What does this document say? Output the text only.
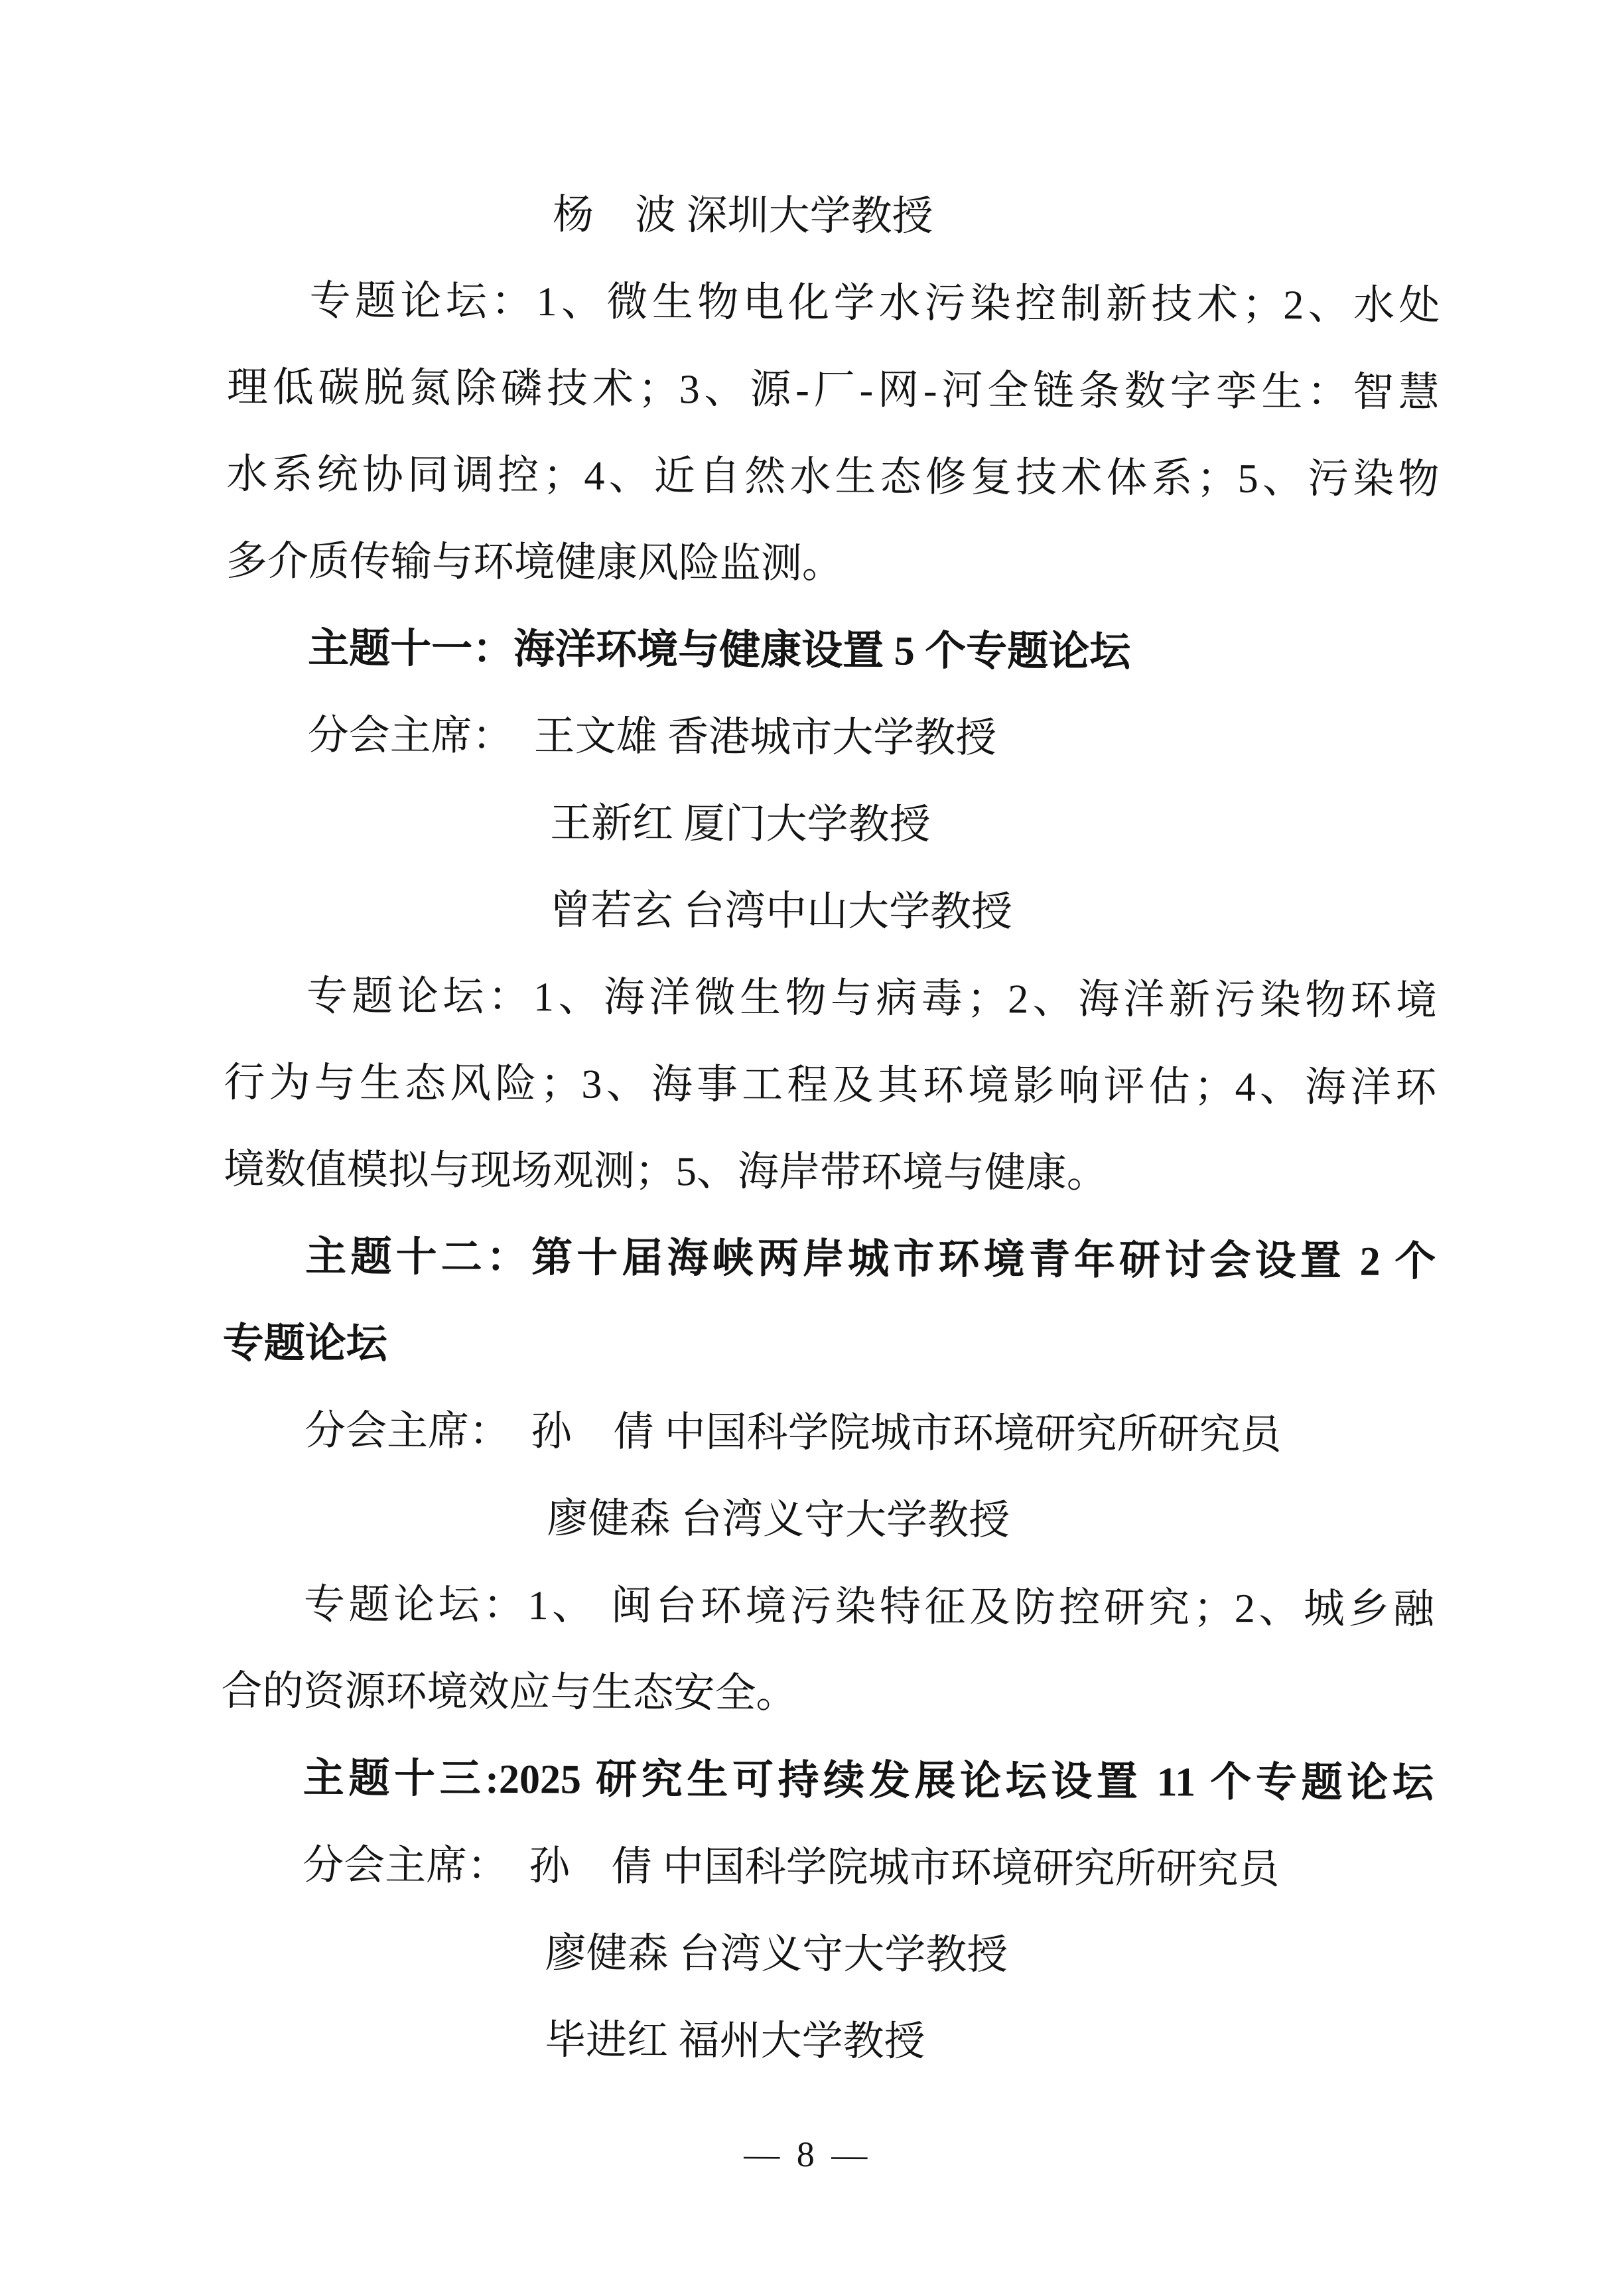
杨　波 深圳大学教授
专题论坛：1、微生物电化学水污染控制新技术；2、水处
理低碳脱氮除磷技术；3、源-厂-网-河全链条数字孪生：智慧
水系统协同调控；4、近自然水生态修复技术体系；5、污染物
多介质传输与环境健康风险监测。
主题十一：海洋环境与健康设置 5 个专题论坛
分会主席：　王文雄 香港城市大学教授
王新红 厦门大学教授
曾若玄 台湾中山大学教授
专题论坛：1、海洋微生物与病毒；2、海洋新污染物环境
行为与生态风险；3、海事工程及其环境影响评估；4、海洋环
境数值模拟与现场观测；5、海岸带环境与健康。
主题十二：第十届海峡两岸城市环境青年研讨会设置 2 个
专题论坛
分会主席：　孙　倩 中国科学院城市环境研究所研究员
廖健森 台湾义守大学教授
专题论坛：1、 闽台环境污染特征及防控研究；2、城乡融
合的资源环境效应与生态安全。
主题十三:2025 研究生可持续发展论坛设置 11 个专题论坛
分会主席：　孙　倩 中国科学院城市环境研究所研究员
廖健森 台湾义守大学教授
毕进红 福州大学教授
— 8 —
